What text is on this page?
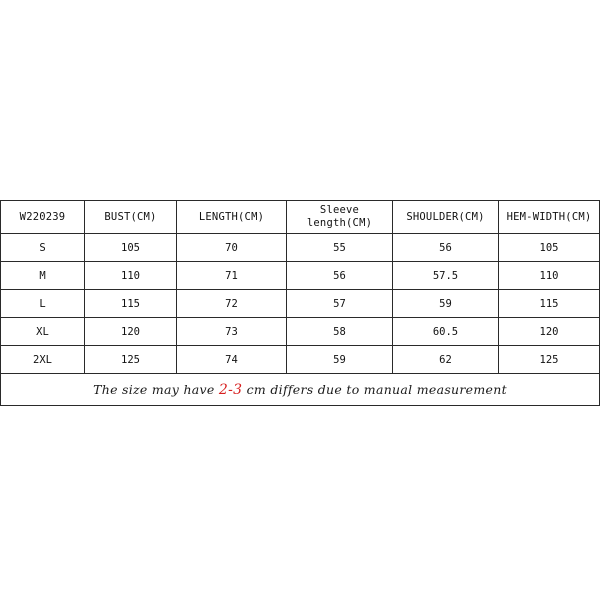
W220239	BUST(CM)	LENGTH(CM)	Sleeve length(CM)	SHOULDER(CM)	HEM-WIDTH(CM)
S	105	70	55	56	105
M	110	71	56	57.5	110
L	115	72	57	59	115
XL	120	73	58	60.5	120
2XL	125	74	59	62	125
The size may have 2-3 cm differs due to manual measurement					
